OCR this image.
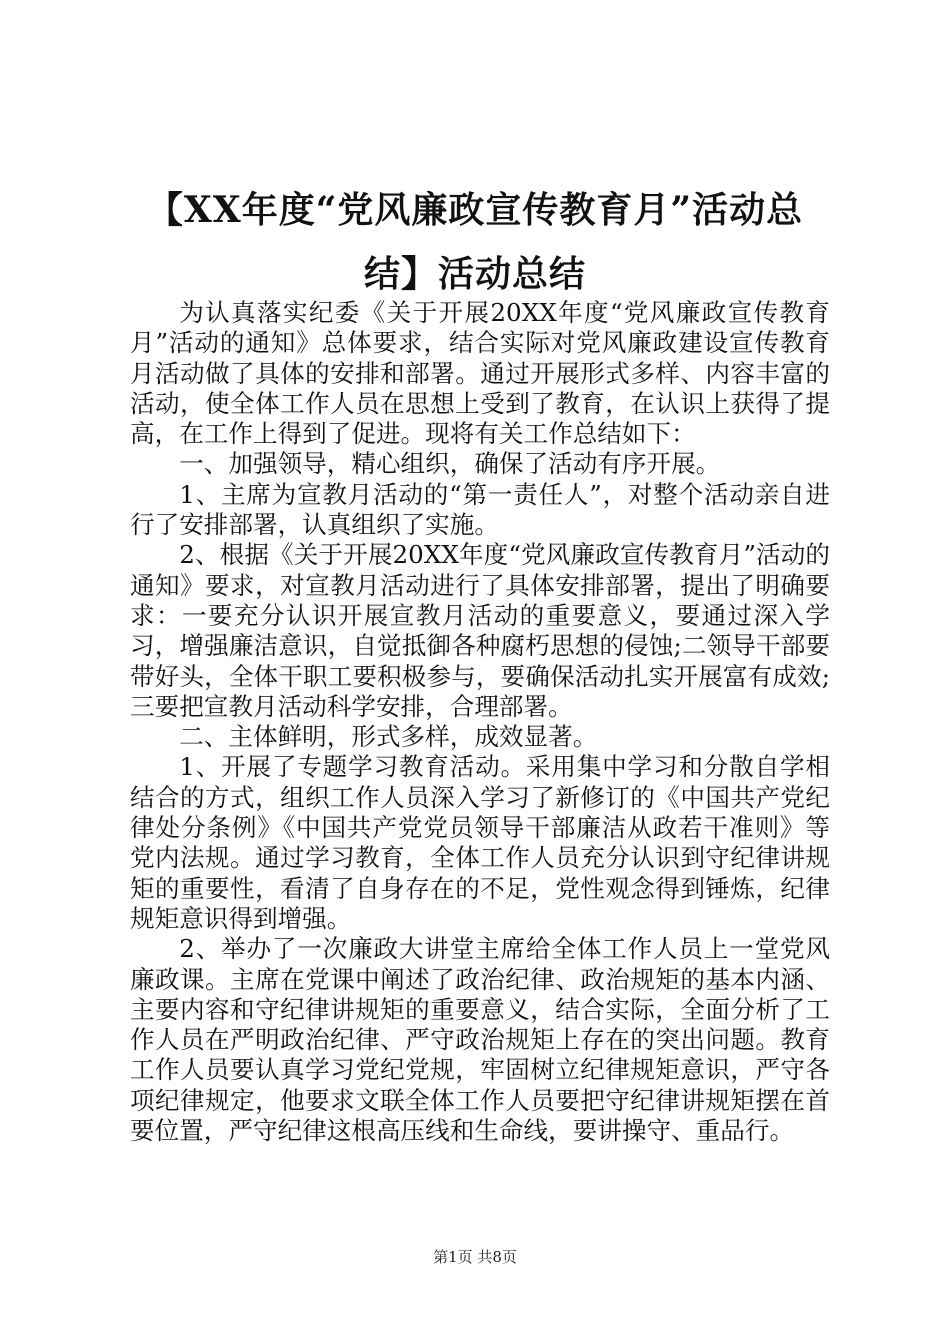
【XX年度“党风廉政宣传教育月”活动总
结】活动总结

为认真落实纪委《关于开展20XX年度“党风廉政宣传教育月”活动的通知》总体要求，结合实际对党风廉政建设宣传教育月活动做了具体的安排和部署。通过开展形式多样、内容丰富的活动，使全体工作人员在思想上受到了教育，在认识上获得了提高，在工作上得到了促进。现将有关工作总结如下：

一、加强领导，精心组织，确保了活动有序开展。

1、主席为宣教月活动的“第一责任人”，对整个活动亲自进行了安排部署，认真组织了实施。

2、根据《关于开展20XX年度“党风廉政宣传教育月”活动的通知》要求，对宣教月活动进行了具体安排部署，提出了明确要求：一要充分认识开展宣教月活动的重要意义，要通过深入学习，增强廉洁意识，自觉抵御各种腐朽思想的侵蚀;二领导干部要带好头，全体干职工要积极参与，要确保活动扎实开展富有成效;三要把宣教月活动科学安排，合理部署。

二、主体鲜明，形式多样，成效显著。

1、开展了专题学习教育活动。采用集中学习和分散自学相结合的方式，组织工作人员深入学习了新修订的《中国共产党纪律处分条例》《中国共产党党员领导干部廉洁从政若干准则》等党内法规。通过学习教育，全体工作人员充分认识到守纪律讲规矩的重要性，看清了自身存在的不足，党性观念得到锤炼，纪律规矩意识得到增强。

2、举办了一次廉政大讲堂主席给全体工作人员上一堂党风廉政课。主席在党课中阐述了政治纪律、政治规矩的基本内涵、主要内容和守纪律讲规矩的重要意义，结合实际，全面分析了工作人员在严明政治纪律、严守政治规矩上存在的突出问题。教育工作人员要认真学习党纪党规，牢固树立纪律规矩意识，严守各项纪律规定，他要求文联全体工作人员要把守纪律讲规矩摆在首要位置，严守纪律这根高压线和生命线，要讲操守、重品行。

第1页 共8页
